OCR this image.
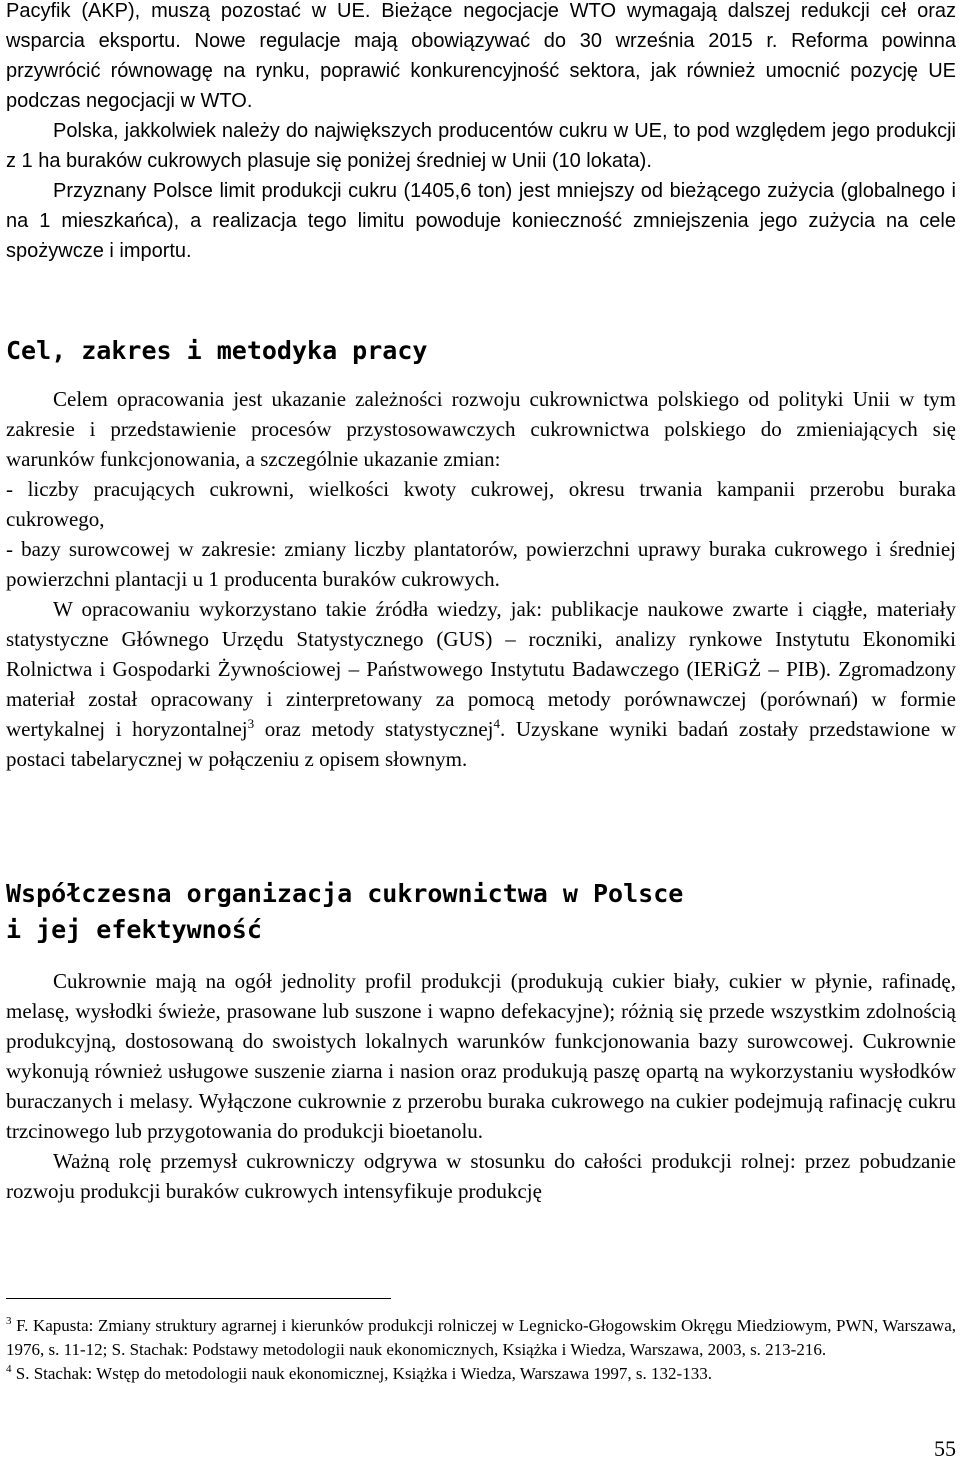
Pacyfik (AKP), muszą pozostać w UE. Bieżące negocjacje WTO wymagają dalszej redukcji ceł oraz wsparcia eksportu. Nowe regulacje mają obowiązywać do 30 września 2015 r. Reforma powinna przywrócić równowagę na rynku, poprawić konkurencyjność sektora, jak również umocnić pozycję UE podczas negocjacji w WTO.

Polska, jakkolwiek należy do największych producentów cukru w UE, to pod względem jego produkcji z 1 ha buraków cukrowych plasuje się poniżej średniej w Unii (10 lokata).

Przyznany Polsce limit produkcji cukru (1405,6 ton) jest mniejszy od bieżącego zużycia (globalnego i na 1 mieszkańca), a realizacja tego limitu powoduje konieczność zmniejszenia jego zużycia na cele spożywcze i importu.

Cel, zakres i metodyka pracy

Celem opracowania jest ukazanie zależności rozwoju cukrownictwa polskiego od polityki Unii w tym zakresie i przedstawienie procesów przystosowawczych cukrownictwa polskiego do zmieniających się warunków funkcjonowania, a szczególnie ukazanie zmian:

- liczby pracujących cukrowni, wielkości kwoty cukrowej, okresu trwania kampanii przerobu buraka cukrowego,

- bazy surowcowej w zakresie: zmiany liczby plantatorów, powierzchni uprawy buraka cukrowego i średniej powierzchni plantacji u 1 producenta buraków cukrowych.

W opracowaniu wykorzystano takie źródła wiedzy, jak: publikacje naukowe zwarte i ciągłe, materiały statystyczne Głównego Urzędu Statystycznego (GUS) – roczniki, analizy rynkowe Instytutu Ekonomiki Rolnictwa i Gospodarki Żywnościowej – Państwowego Instytutu Badawczego (IERiGŻ – PIB). Zgromadzony materiał został opracowany i zinterpretowany za pomocą metody porównawczej (porównań) w formie wertykalnej i horyzontalnej$^3$ oraz metody statystycznej$^4$. Uzyskane wyniki badań zostały przedstawione w postaci tabelarycznej w połączeniu z opisem słownym.

Współczesna organizacja cukrownictwa w Polsce
i jej efektywność

Cukrownie mają na ogół jednolity profil produkcji (produkują cukier biały, cukier w płynie, rafinadę, melasę, wysłodki świeże, prasowane lub suszone i wapno defekacyjne); różnią się przede wszystkim zdolnością produkcyjną, dostosowaną do swoistych lokalnych warunków funkcjonowania bazy surowcowej. Cukrownie wykonują również usługowe suszenie ziarna i nasion oraz produkują paszę opartą na wykorzystaniu wysłodków buraczanych i melasy. Wyłączone cukrownie z przerobu buraka cukrowego na cukier podejmują rafinację cukru trzcinowego lub przygotowania do produkcji bioetanolu.

Ważną rolę przemysł cukrowniczy odgrywa w stosunku do całości produkcji rolnej: przez pobudzanie rozwoju produkcji buraków cukrowych intensyfikuje produkcję

$^3$ F. Kapusta: Zmiany struktury agrarnej i kierunków produkcji rolniczej w Legnicko-Głogowskim Okręgu Miedziowym, PWN, Warszawa, 1976, s. 11-12; S. Stachak: Podstawy metodologii nauk ekonomicznych, Książka i Wiedza, Warszawa, 2003, s. 213-216.

$^4$ S. Stachak: Wstęp do metodologii nauk ekonomicznej, Książka i Wiedza, Warszawa 1997, s. 132-133.

55
